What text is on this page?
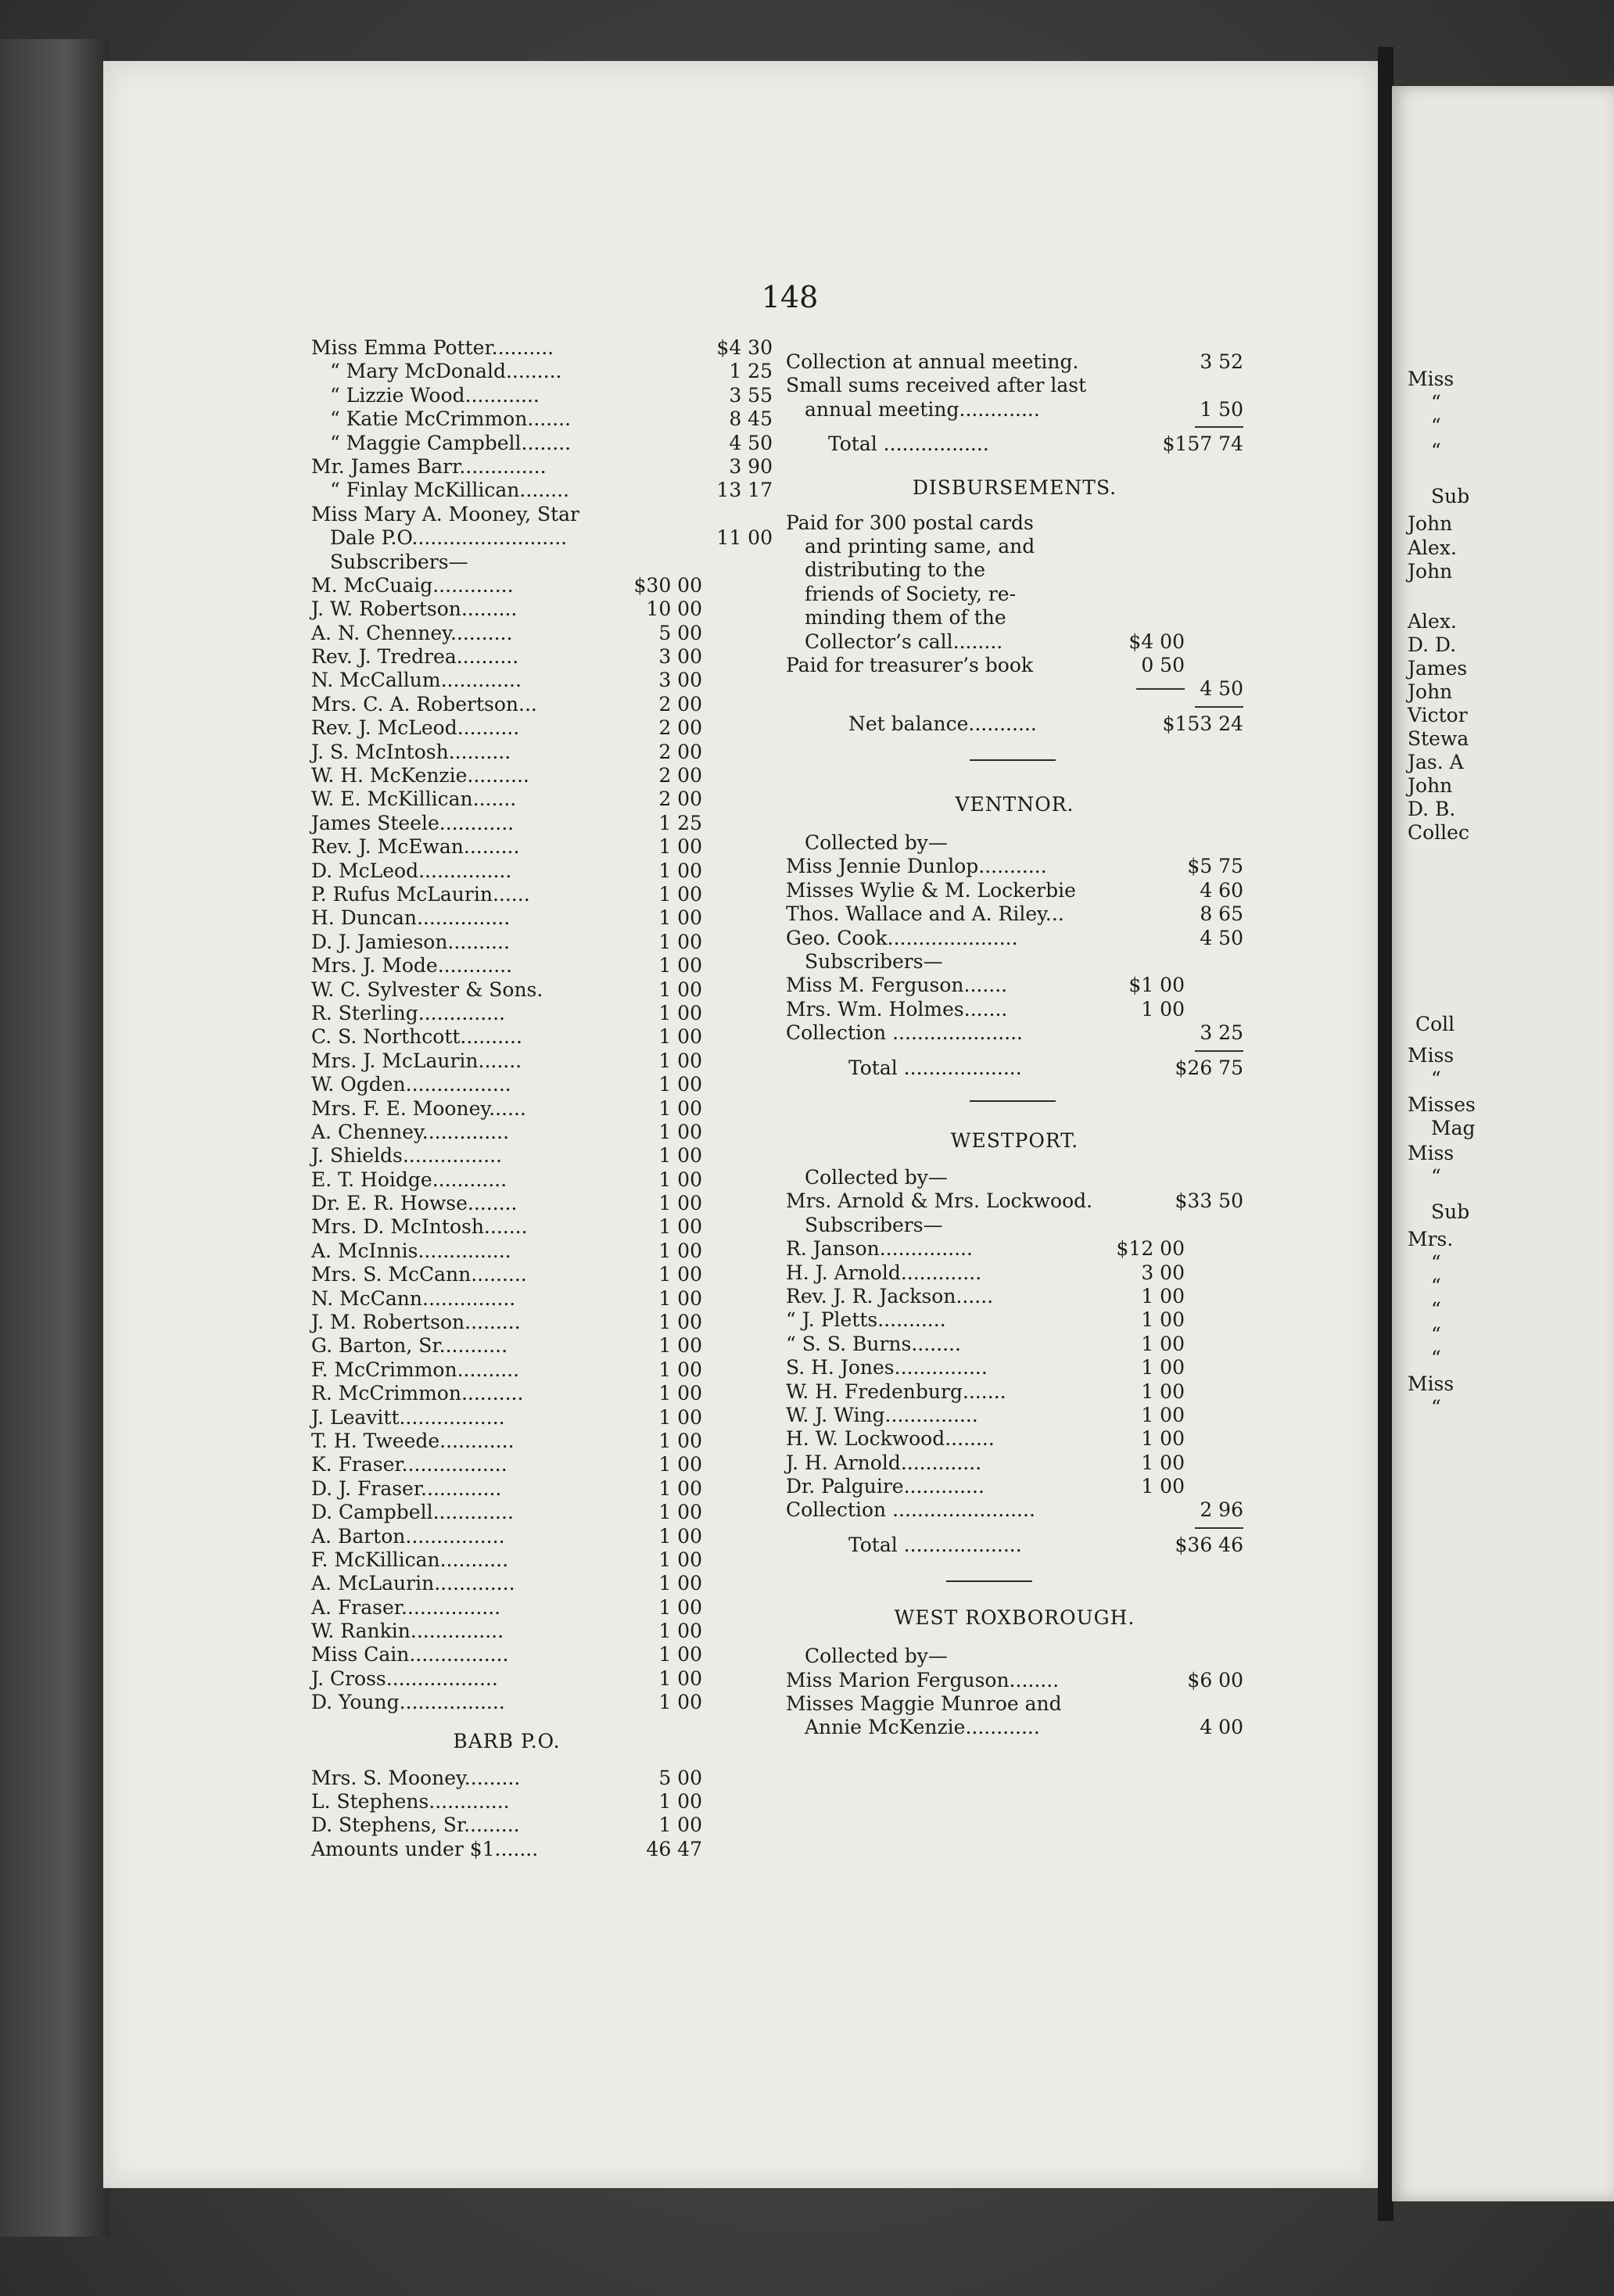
148
Miss Emma Potter..........	$4 30
“ Mary McDonald.........	1 25
“ Lizzie Wood............	3 55
“ Katie McCrimmon.......	8 45
“ Maggie Campbell........	4 50
Mr. James Barr..............	3 90
“ Finlay McKillican........	13 17
Miss Mary A. Mooney, Star
Dale P.O.........................	11 00
Subscribers—
M. McCuaig.............	$30 00
J. W. Robertson.........	10 00
A. N. Chenney..........	5 00
Rev. J. Tredrea..........	3 00
N. McCallum.............	3 00
Mrs. C. A. Robertson...	2 00
Rev. J. McLeod..........	2 00
J. S. McIntosh..........	2 00
W. H. McKenzie..........	2 00
W. E. McKillican.......	2 00
James Steele............	1 25
Rev. J. McEwan.........	1 00
D. McLeod...............	1 00
P. Rufus McLaurin......	1 00
H. Duncan...............	1 00
D. J. Jamieson..........	1 00
Mrs. J. Mode............	1 00
W. C. Sylvester & Sons.	1 00
R. Sterling..............	1 00
C. S. Northcott..........	1 00
Mrs. J. McLaurin.......	1 00
W. Ogden.................	1 00
Mrs. F. E. Mooney......	1 00
A. Chenney..............	1 00
J. Shields................	1 00
E. T. Hoidge............	1 00
Dr. E. R. Howse........	1 00
Mrs. D. McIntosh.......	1 00
A. McInnis...............	1 00
Mrs. S. McCann.........	1 00
N. McCann...............	1 00
J. M. Robertson.........	1 00
G. Barton, Sr...........	1 00
F. McCrimmon..........	1 00
R. McCrimmon..........	1 00
J. Leavitt.................	1 00
T. H. Tweede............	1 00
K. Fraser.................	1 00
D. J. Fraser.............	1 00
D. Campbell.............	1 00
A. Barton................	1 00
F. McKillican...........	1 00
A. McLaurin.............	1 00
A. Fraser................	1 00
W. Rankin...............	1 00
Miss Cain................	1 00
J. Cross..................	1 00
D. Young.................	1 00
BARB P.O.
Mrs. S. Mooney.........	5 00
L. Stephens.............	1 00
D. Stephens, Sr.........	1 00
Amounts under $1.......	46 47
Collection at annual meeting.	3 52
Small sums received after last
annual meeting.............	1 50
Total .................	$157 74
DISBURSEMENTS.
Paid for 300 postal cards
and printing same, and
distributing to the
friends of Society, re-
minding them of the
Collector’s call........	$4 00
Paid for treasurer’s book	0 50
4 50
Net balance...........	$153 24
VENTNOR.
Collected by—
Miss Jennie Dunlop...........	$5 75
Misses Wylie & M. Lockerbie	4 60
Thos. Wallace and A. Riley...	8 65
Geo. Cook.....................	4 50
Subscribers—
Miss M. Ferguson.......	$1 00
Mrs. Wm. Holmes.......	1 00
Collection .....................	3 25
Total ...................	$26 75
WESTPORT.
Collected by—
Mrs. Arnold & Mrs. Lockwood.	$33 50
Subscribers—
R. Janson...............	$12 00
H. J. Arnold.............	3 00
Rev. J. R. Jackson......	1 00
“ J. Pletts...........	1 00
“ S. S. Burns........	1 00
S. H. Jones...............	1 00
W. H. Fredenburg.......	1 00
W. J. Wing...............	1 00
H. W. Lockwood........	1 00
J. H. Arnold.............	1 00
Dr. Palguire.............	1 00
Collection .......................	2 96
Total ...................	$36 46
WEST ROXBOROUGH.
Collected by—
Miss Marion Ferguson........	$6 00
Misses Maggie Munroe and
Annie McKenzie............	4 00
Miss
“
“
“
Sub
John
Alex.
John
Alex.
D. D.
James
John
Victor
Stewa
Jas. A
John
D. B.
Collec
Coll
Miss
“
Misses
Mag
Miss
“
Sub
Mrs.
“
“
“
“
“
Miss
“
